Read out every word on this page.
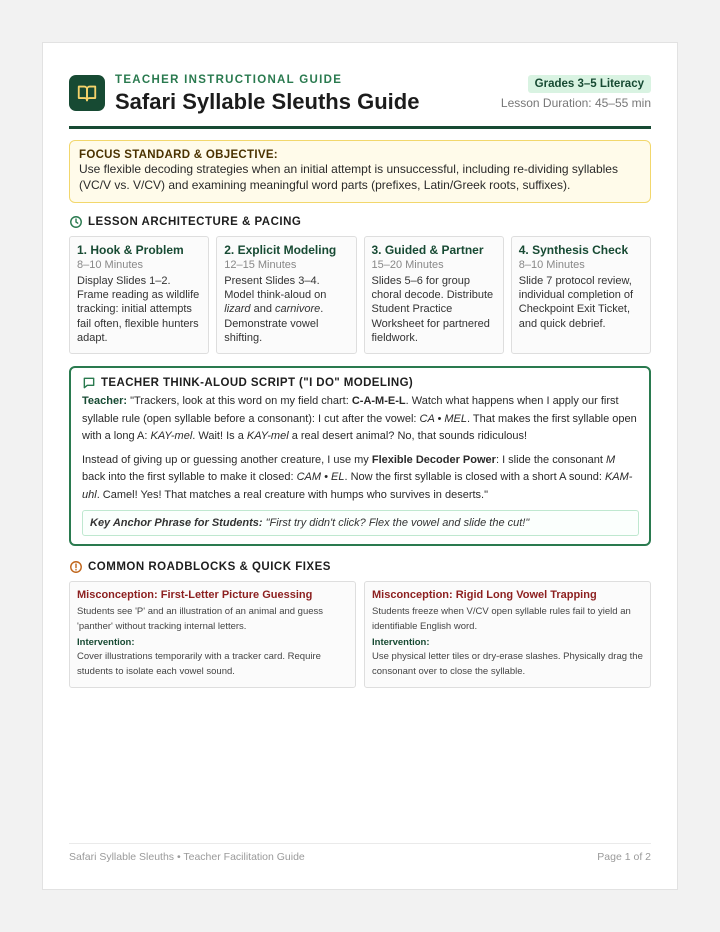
TEACHER INSTRUCTIONAL GUIDE
Safari Syllable Sleuths Guide
Grades 3–5 Literacy
Lesson Duration: 45–55 min
FOCUS STANDARD & OBJECTIVE:
Use flexible decoding strategies when an initial attempt is unsuccessful, including re-dividing syllables (VC/V vs. V/CV) and examining meaningful word parts (prefixes, Latin/Greek roots, suffixes).
LESSON ARCHITECTURE & PACING
1. Hook & Problem
8–10 Minutes
Display Slides 1–2. Frame reading as wildlife tracking: initial attempts fail often, flexible hunters adapt.
2. Explicit Modeling
12–15 Minutes
Present Slides 3–4. Model think-aloud on lizard and carnivore. Demonstrate vowel shifting.
3. Guided & Partner
15–20 Minutes
Slides 5–6 for group choral decode. Distribute Student Practice Worksheet for partnered fieldwork.
4. Synthesis Check
8–10 Minutes
Slide 7 protocol review, individual completion of Checkpoint Exit Ticket, and quick debrief.
TEACHER THINK-ALOUD SCRIPT ("I DO" MODELING)

Teacher: "Trackers, look at this word on my field chart: C-A-M-E-L. Watch what happens when I apply our first syllable rule (open syllable before a consonant): I cut after the vowel: CA • MEL. That makes the first syllable open with a long A: KAY-mel. Wait! Is a KAY-mel a real desert animal? No, that sounds ridiculous!

Instead of giving up or guessing another creature, I use my Flexible Decoder Power: I slide the consonant M back into the first syllable to make it closed: CAM • EL. Now the first syllable is closed with a short A sound: KAM-uhl. Camel! Yes! That matches a real creature with humps who survives in deserts."

Key Anchor Phrase for Students: "First try didn't click? Flex the vowel and slide the cut!"
COMMON ROADBLOCKS & QUICK FIXES
Misconception: First-Letter Picture Guessing
Students see 'P' and an illustration of an animal and guess 'panther' without tracking internal letters.
Intervention:
Cover illustrations temporarily with a tracker card. Require students to isolate each vowel sound.
Misconception: Rigid Long Vowel Trapping
Students freeze when V/CV open syllable rules fail to yield an identifiable English word.
Intervention:
Use physical letter tiles or dry-erase slashes. Physically drag the consonant over to close the syllable.
Safari Syllable Sleuths • Teacher Facilitation Guide	Page 1 of 2
